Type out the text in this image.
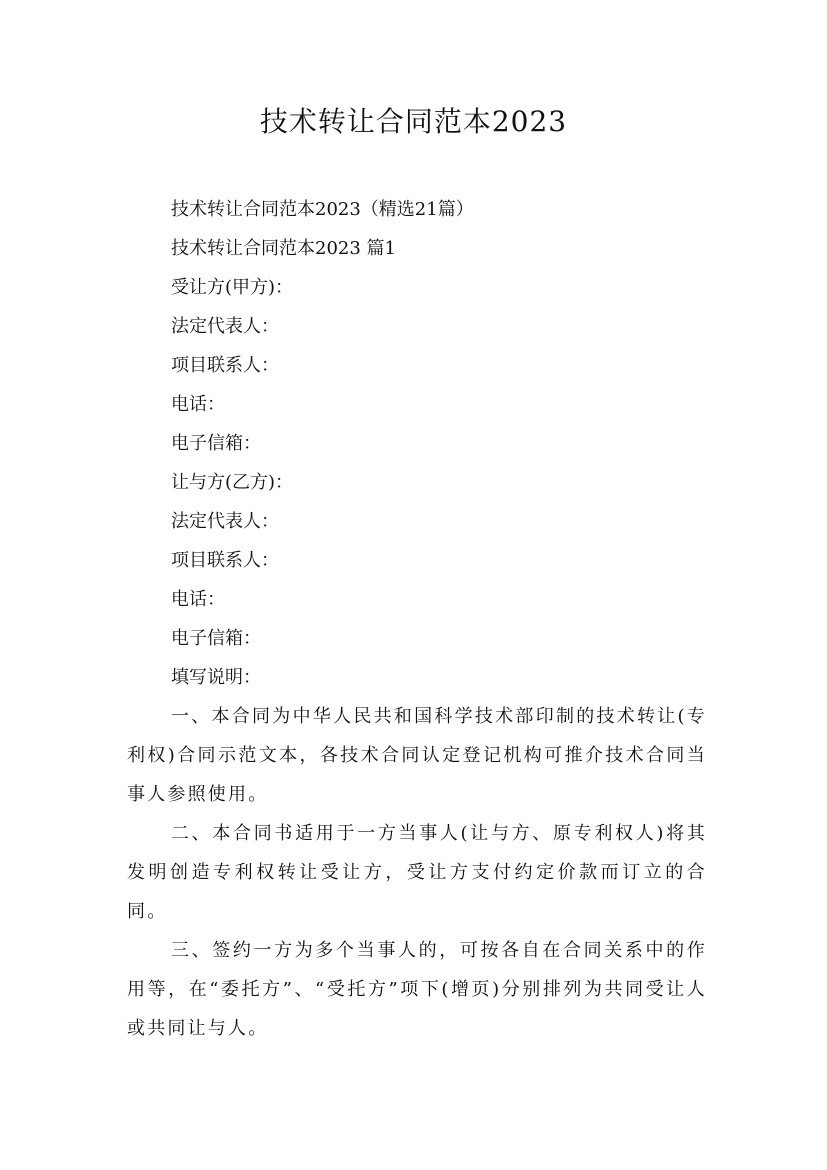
技术转让合同范本2023

技术转让合同范本2023（精选21篇）

技术转让合同范本2023 篇1

受让方(甲方)：

法定代表人：

项目联系人：

电话：

电子信箱：

让与方(乙方)：

法定代表人：

项目联系人：

电话：

电子信箱：

填写说明：

一、本合同为中华人民共和国科学技术部印制的技术转让(专利权)合同示范文本，各技术合同认定登记机构可推介技术合同当事人参照使用。

二、本合同书适用于一方当事人(让与方、原专利权人)将其发明创造专利权转让受让方，受让方支付约定价款而订立的合同。

三、签约一方为多个当事人的，可按各自在合同关系中的作用等，在“委托方”、“受托方”项下(增页)分别排列为共同受让人或共同让与人。
